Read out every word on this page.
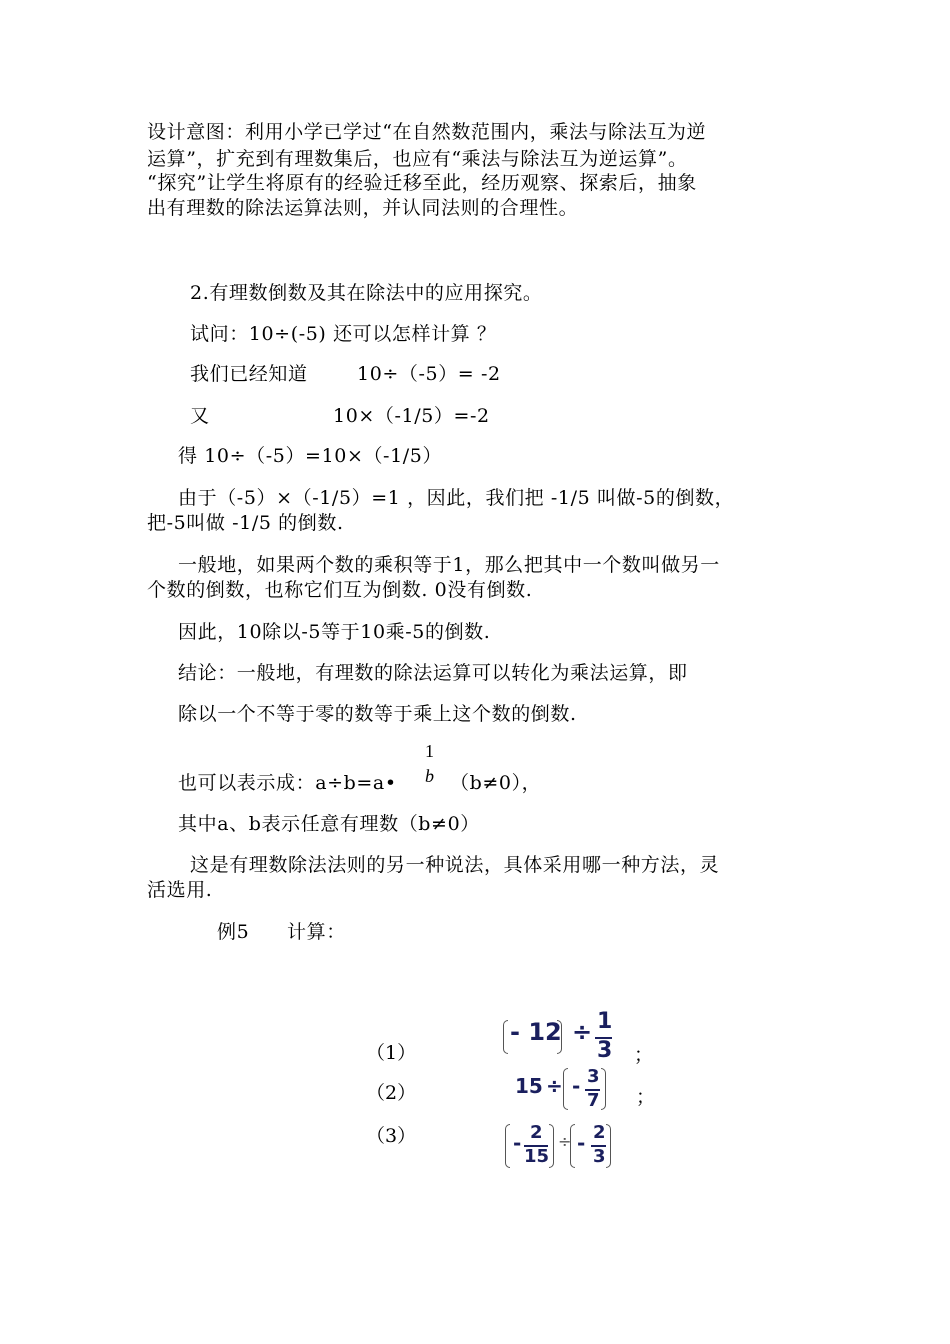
设计意图：利用小学已学过“在自然数范围内，乘法与除法互为逆
运算”，扩充到有理数集后，也应有“乘法与除法互为逆运算”。
“探究”让学生将原有的经验迁移至此，经历观察、探索后，抽象
出有理数的除法运算法则，并认同法则的合理性。
2.有理数倒数及其在除法中的应用探究。
试问：10÷(-5) 还可以怎样计算 ？
我们已经知道	10÷（-5）= -2
又	10×（-1/5）=-2
得 10÷（-5）=10×（-1/5）
由于（-5）×（-1/5）=1 ，因此，我们把 -1/5 叫做-5的倒数，
把-5叫做 -1/5 的倒数.
一般地，如果两个数的乘积等于1，那么把其中一个数叫做另一
个数的倒数，也称它们互为倒数. 0没有倒数.
因此，10除以-5等于10乘-5的倒数.
结论：一般地，有理数的除法运算可以转化为乘法运算，即
除以一个不等于零的数等于乘上这个数的倒数.
也可以表示成：a÷b=a•
1
b （b≠0），
其中a、b表示任意有理数（b≠0）
这是有理数除法法则的另一种说法，具体采用哪一种方法，灵
活选用.
例5 计算：
（1）
- 12 ÷ 1
3 ；
（2）	15 ÷ - 3
7 ；
（3）	- 2
15
÷ - 2
3
